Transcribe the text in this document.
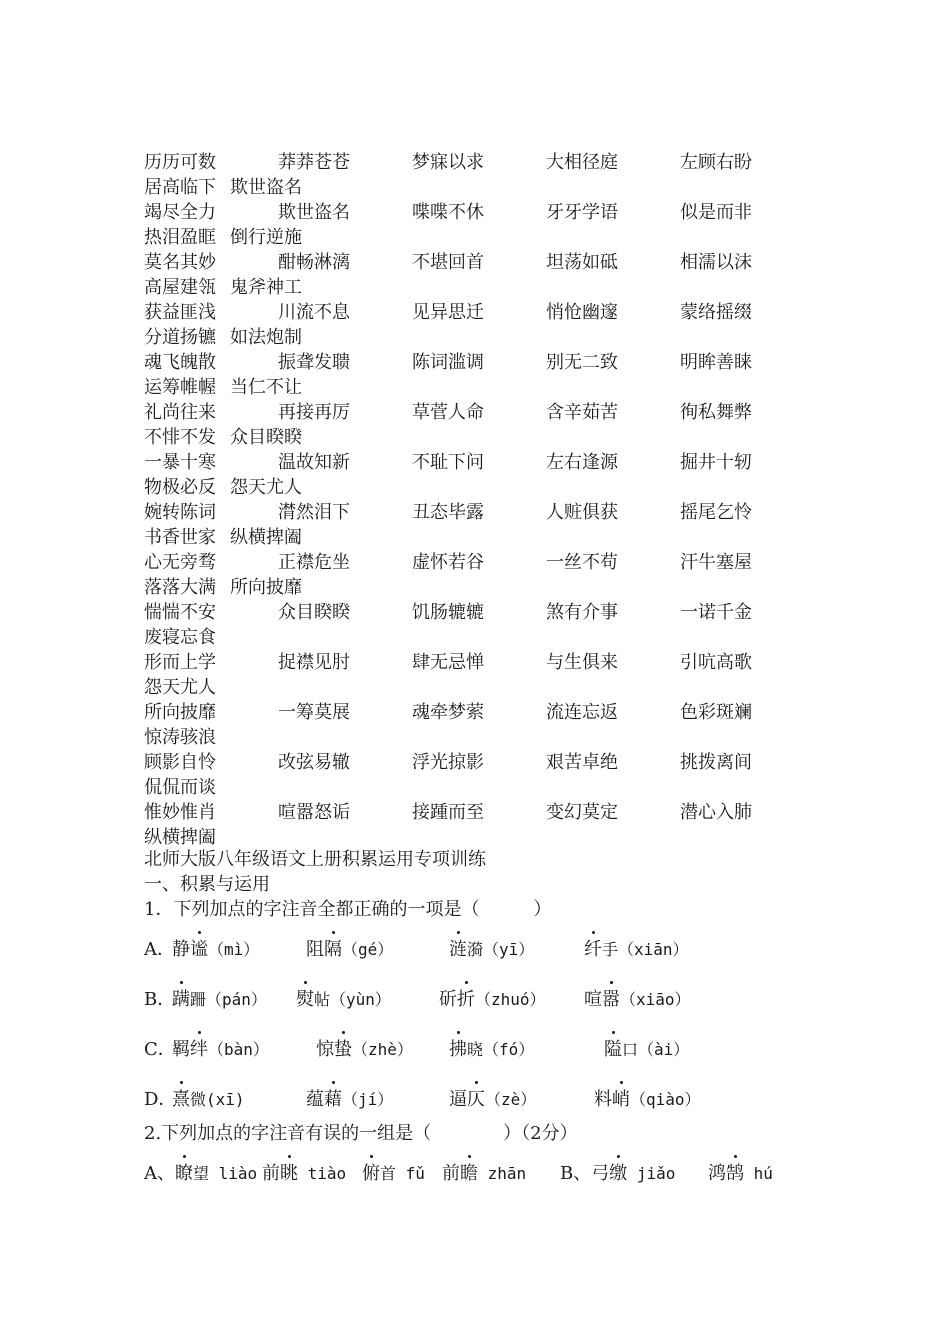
历历可数	莽莽苍苍	梦寐以求	大相径庭	左顾右盼
居高临下 欺世盗名
竭尽全力	欺世盗名	喋喋不休	牙牙学语	似是而非
热泪盈眶 倒行逆施
莫名其妙	酣畅淋漓	不堪回首	坦荡如砥	相濡以沫
高屋建瓴 鬼斧神工
获益匪浅	川流不息	见异思迁	悄怆幽邃	蒙络摇缀
分道扬镳 如法炮制
魂飞魄散	振聋发聩	陈词滥调	别无二致	明眸善睐
运筹帷幄 当仁不让
礼尚往来	再接再厉	草菅人命	含辛茹苦	徇私舞弊
不悱不发 众目睽睽
一暴十寒	温故知新	不耻下问	左右逢源	掘井十轫
物极必反 怨天尤人
婉转陈词	潸然泪下	丑态毕露	人赃俱获	摇尾乞怜
书香世家 纵横捭阖
心无旁骛	正襟危坐	虚怀若谷	一丝不苟	汗牛塞屋
落落大满 所向披靡
惴惴不安	众目睽睽	饥肠辘辘	煞有介事	一诺千金
废寝忘食
形而上学	捉襟见肘	肆无忌惮	与生俱来	引吭高歌
怨天尤人
所向披靡	一筹莫展	魂牵梦萦	流连忘返	色彩斑斓
惊涛骇浪
顾影自怜	改弦易辙	浮光掠影	艰苦卓绝	挑拨离间
侃侃而谈
惟妙惟肖	喧嚣怒诟	接踵而至	变幻莫定	潜心入肺
纵横捭阖
北师大版八年级语文上册积累运用专项训练
一、积累与运用
1．下列加点的字注音全都正确的一项是（　　　）
A．
静谧（mì）	阻隔（gé）	涟漪（yī）	纤手（xiān）
B．
蹒跚（pán） 熨帖（yùn）	斫折（zhuó） 喧嚣（xiāo）
C．
羁绊（bàn）	惊蛰（zhè） 拂晓（fó）	隘口（ài）
D．
熹微(xī)	蕴藉（jí）	逼仄（zè）	料峭（qiào）
2.下列加点的字注音有误的一组是（　　　　）（2分）
A、瞭望 liào 前眺 tiào 俯首 fǔ 前瞻 zhān B、弓缴 jiǎo 鸿鹄 hú
